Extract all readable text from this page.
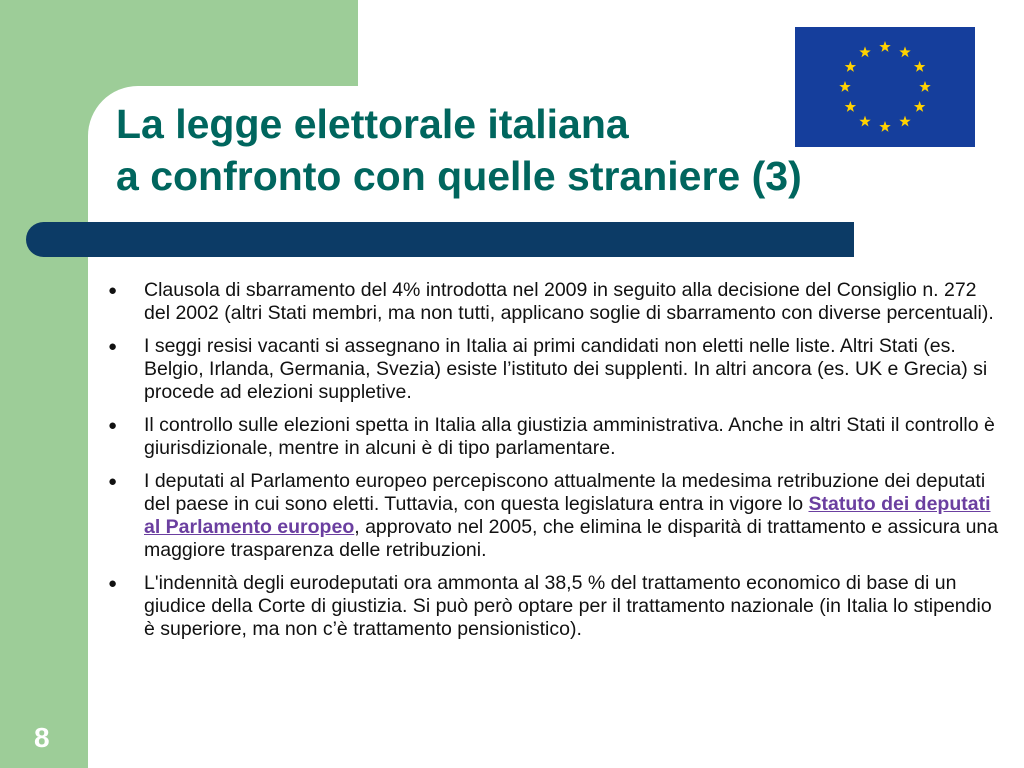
La legge elettorale italiana
a confronto con quelle straniere (3)
● Clausola di sbarramento del 4% introdotta nel 2009 in seguito alla decisione del Consiglio n. 272 del 2002 (altri Stati membri, ma non tutti, applicano soglie di sbarramento con diverse percentuali).
● I seggi resisi vacanti si assegnano in Italia ai primi candidati non eletti nelle liste. Altri Stati (es. Belgio, Irlanda, Germania, Svezia) esiste l’istituto dei supplenti. In altri ancora (es. UK e Grecia) si procede ad elezioni suppletive.
● Il controllo sulle elezioni spetta in Italia alla giustizia amministrativa. Anche in altri Stati il controllo è giurisdizionale, mentre in alcuni è di tipo parlamentare.
● I deputati al Parlamento europeo percepiscono attualmente la medesima retribuzione dei deputati del paese in cui sono eletti. Tuttavia, con questa legislatura entra in vigore lo Statuto dei deputati al Parlamento europeo, approvato nel 2005, che elimina le disparità di trattamento e assicura una maggiore trasparenza delle retribuzioni.
● L'indennità degli eurodeputati ora ammonta al 38,5 % del trattamento economico di base di un giudice della Corte di giustizia. Si può però optare per il trattamento nazionale (in Italia lo stipendio è superiore, ma non c’è trattamento pensionistico).
8
